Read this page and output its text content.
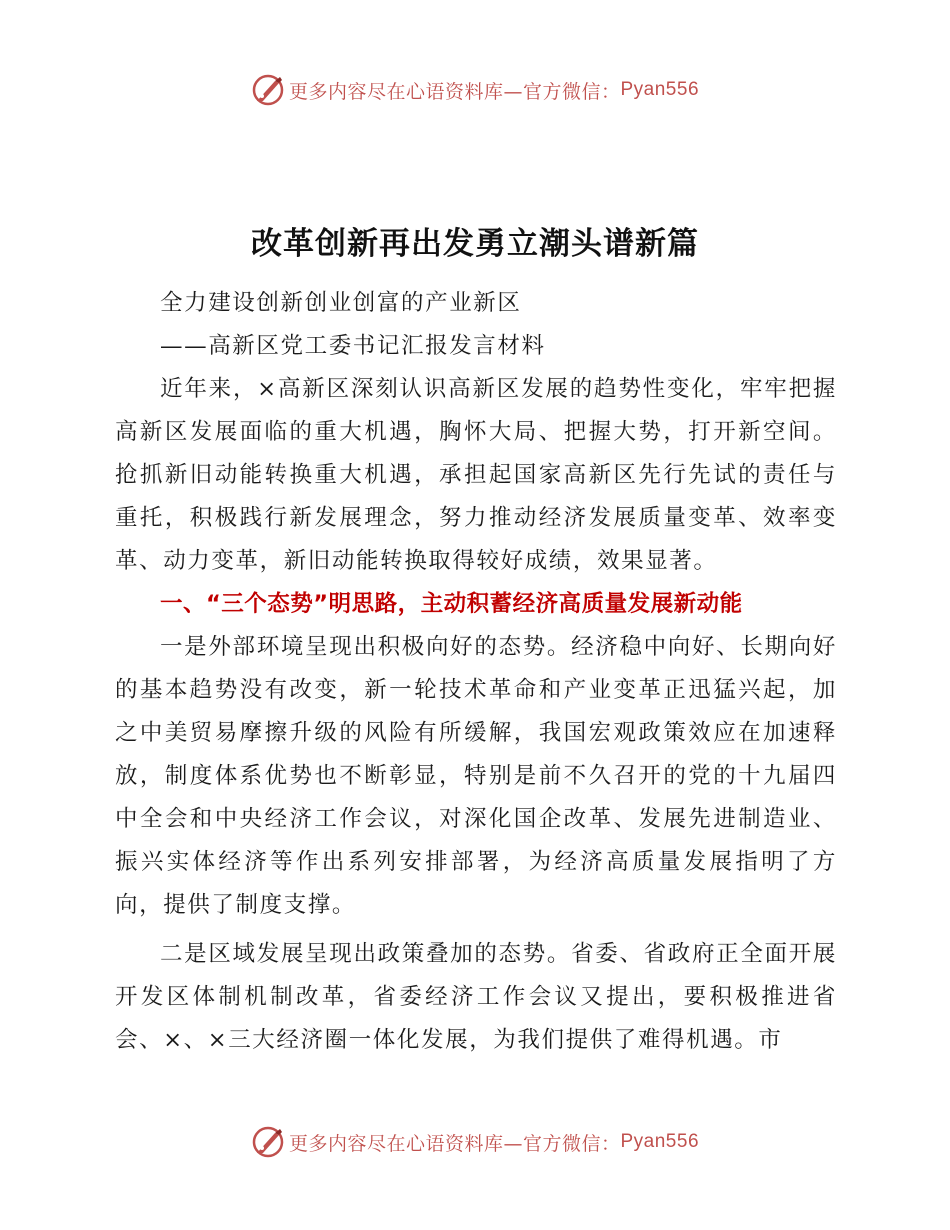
更多内容尽在心语资料库—官方微信： Pyan556
改革创新再出发勇立潮头谱新篇

全力建设创新创业创富的产业新区

——高新区党工委书记汇报发言材料

近年来，×高新区深刻认识高新区发展的趋势性变化，牢牢把握高新区发展面临的重大机遇，胸怀大局、把握大势，打开新空间。抢抓新旧动能转换重大机遇，承担起国家高新区先行先试的责任与重托，积极践行新发展理念，努力推动经济发展质量变革、效率变革、动力变革，新旧动能转换取得较好成绩，效果显著。

一、“三个态势”明思路，主动积蓄经济高质量发展新动能

一是外部环境呈现出积极向好的态势。经济稳中向好、长期向好的基本趋势没有改变，新一轮技术革命和产业变革正迅猛兴起，加之中美贸易摩擦升级的风险有所缓解，我国宏观政策效应在加速释放，制度体系优势也不断彰显，特别是前不久召开的党的十九届四中全会和中央经济工作会议，对深化国企改革、发展先进制造业、振兴实体经济等作出系列安排部署，为经济高质量发展指明了方向，提供了制度支撑。

二是区域发展呈现出政策叠加的态势。省委、省政府正全面开展开发区体制机制改革，省委经济工作会议又提出，要积极推进省会、×、×三大经济圈一体化发展，为我们提供了难得机遇。市

更多内容尽在心语资料库—官方微信： Pyan556
